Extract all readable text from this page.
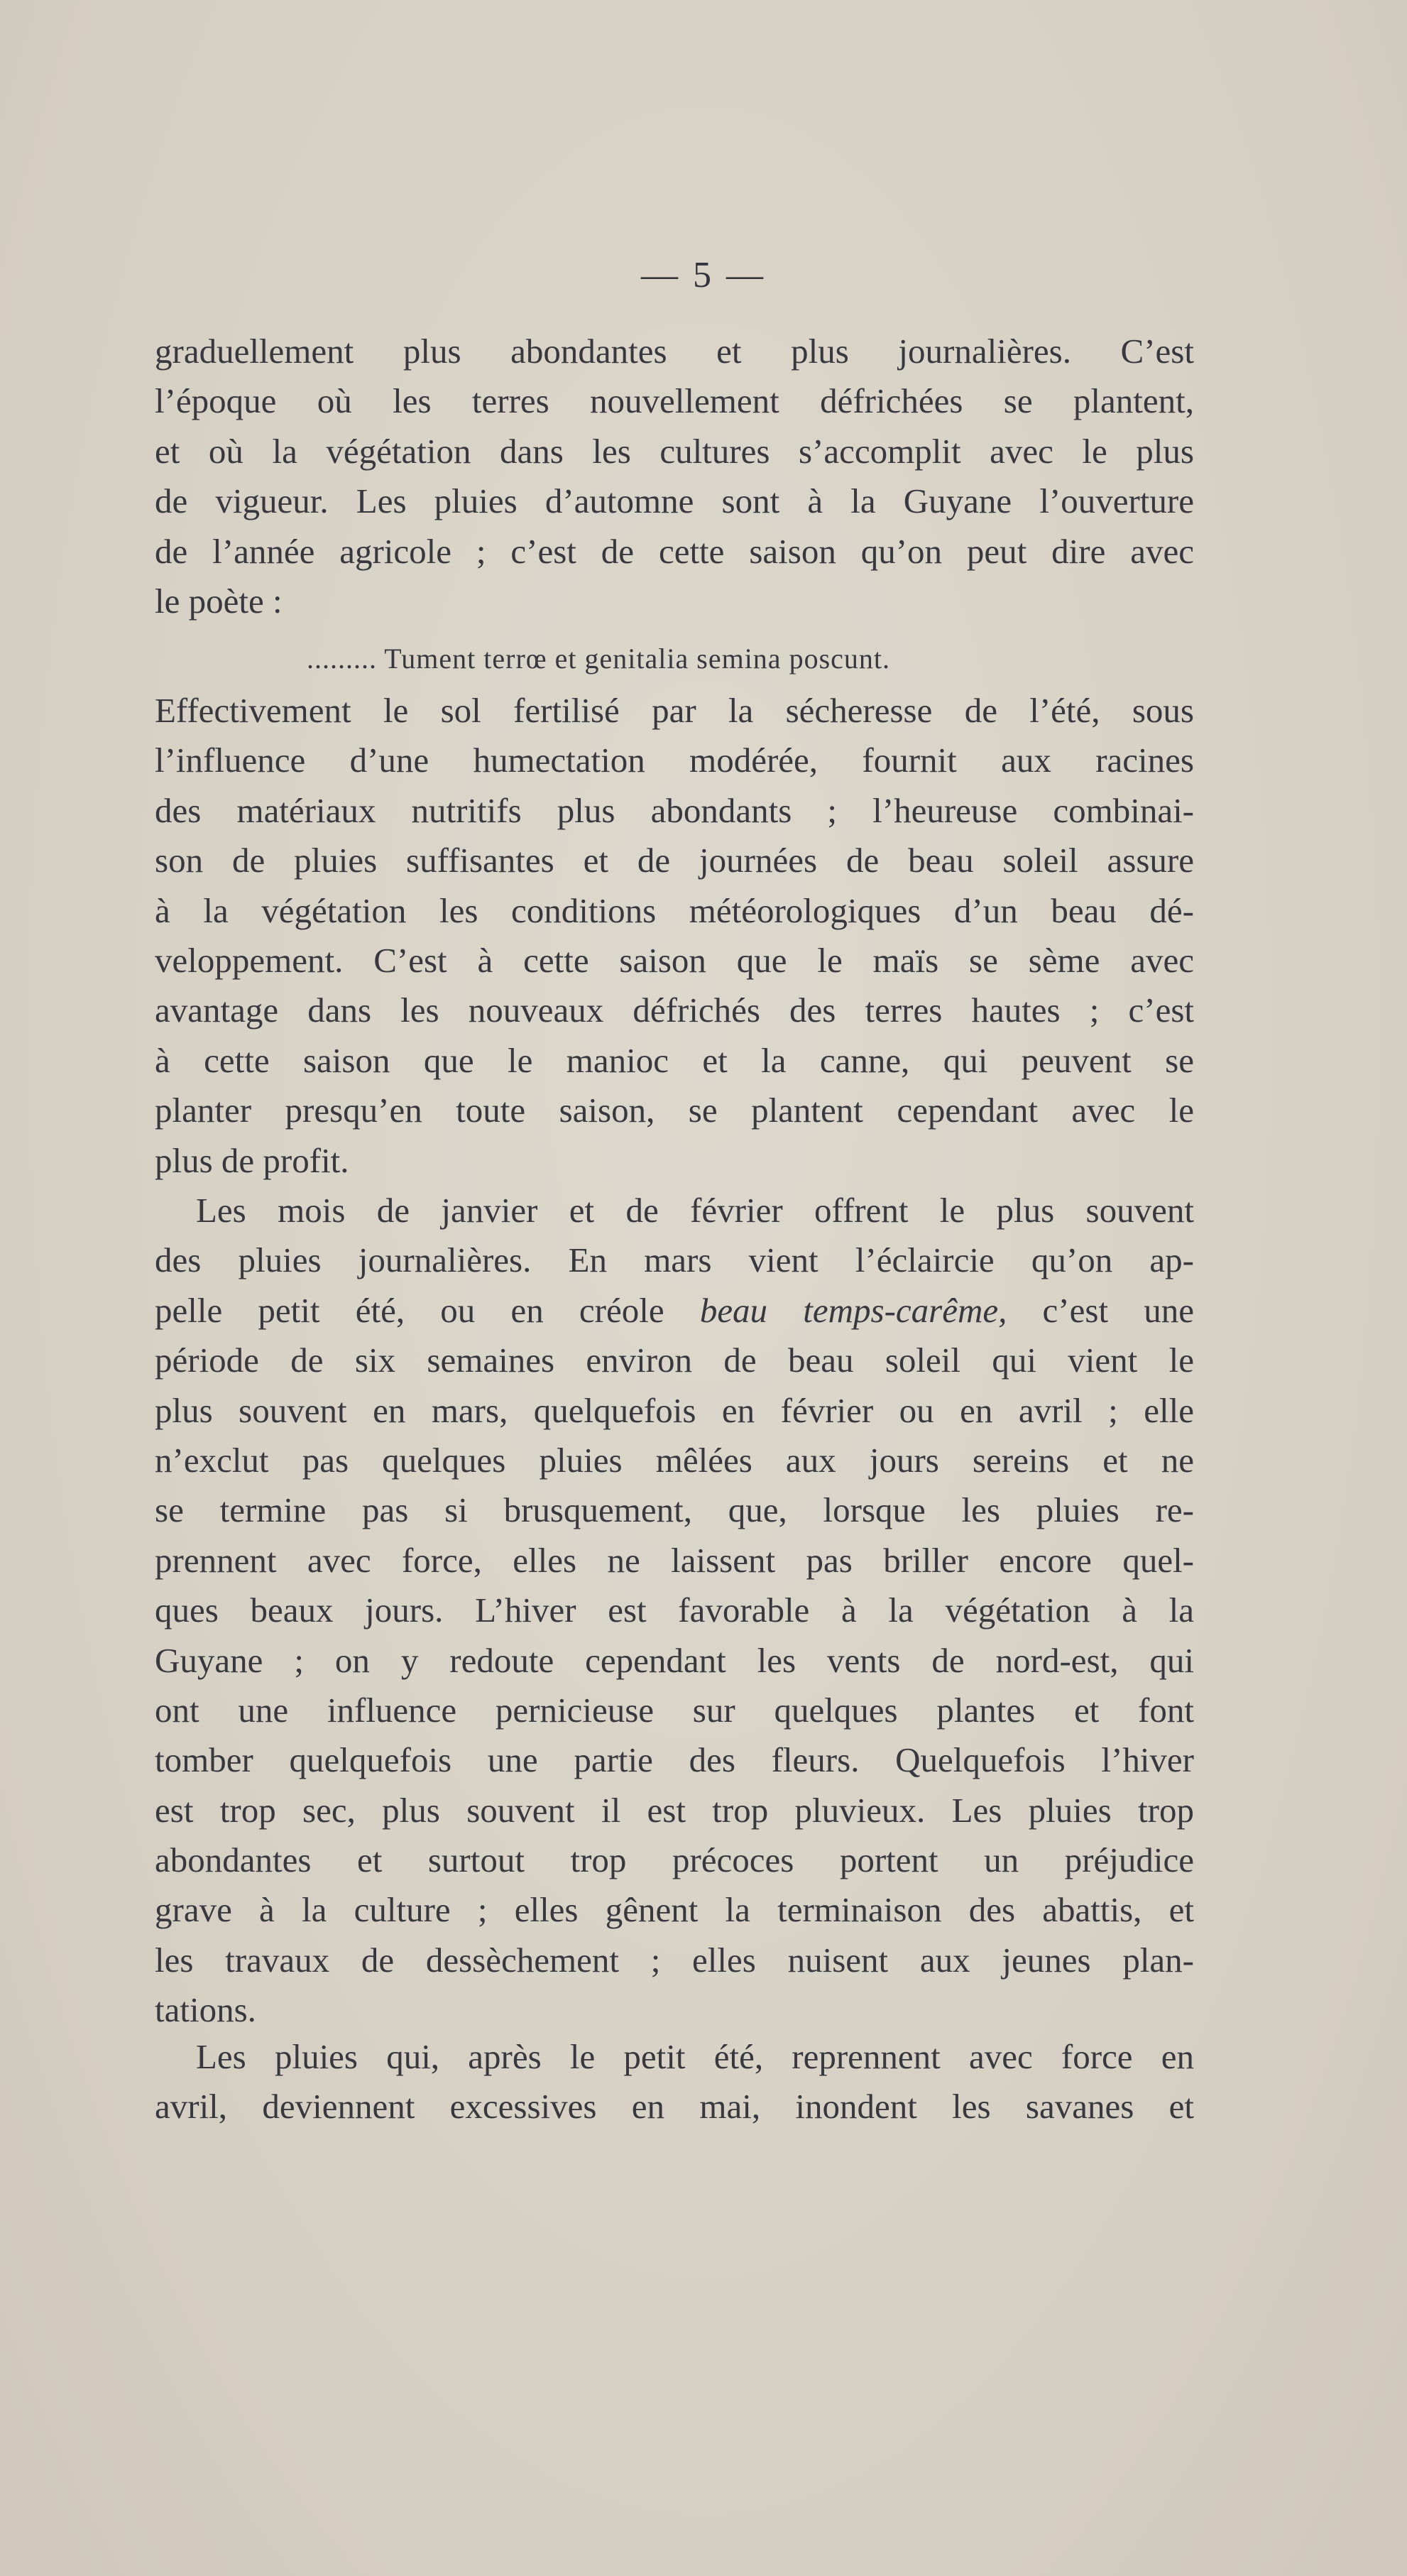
— 5 —
graduellement plus abondantes et plus journalières. C’est
l’époque où les terres nouvellement défrichées se plantent,
et où la végétation dans les cultures s’accomplit avec le plus
de vigueur. Les pluies d’automne sont à la Guyane l’ouverture
de l’année agricole ; c’est de cette saison qu’on peut dire avec
le poète :
......... Tument terrœ et genitalia semina poscunt.
Effectivement le sol fertilisé par la sécheresse de l’été, sous
l’influence d’une humectation modérée, fournit aux racines
des matériaux nutritifs plus abondants ; l’heureuse combinai-
son de pluies suffisantes et de journées de beau soleil assure
à la végétation les conditions météorologiques d’un beau dé-
veloppement. C’est à cette saison que le maïs se sème avec
avantage dans les nouveaux défrichés des terres hautes ; c’est
à cette saison que le manioc et la canne, qui peuvent se
planter presqu’en toute saison, se plantent cependant avec le
plus de profit.
Les mois de janvier et de février offrent le plus souvent
des pluies journalières. En mars vient l’éclaircie qu’on ap-
pelle petit été, ou en créole beau temps-carême, c’est une
période de six semaines environ de beau soleil qui vient le
plus souvent en mars, quelquefois en février ou en avril ; elle
n’exclut pas quelques pluies mêlées aux jours sereins et ne
se termine pas si brusquement, que, lorsque les pluies re-
prennent avec force, elles ne laissent pas briller encore quel-
ques beaux jours. L’hiver est favorable à la végétation à la
Guyane ; on y redoute cependant les vents de nord-est, qui
ont une influence pernicieuse sur quelques plantes et font
tomber quelquefois une partie des fleurs. Quelquefois l’hiver
est trop sec, plus souvent il est trop pluvieux. Les pluies trop
abondantes et surtout trop précoces portent un préjudice
grave à la culture ; elles gênent la terminaison des abattis, et
les travaux de dessèchement ; elles nuisent aux jeunes plan-
tations.
Les pluies qui, après le petit été, reprennent avec force en
avril, deviennent excessives en mai, inondent les savanes et
